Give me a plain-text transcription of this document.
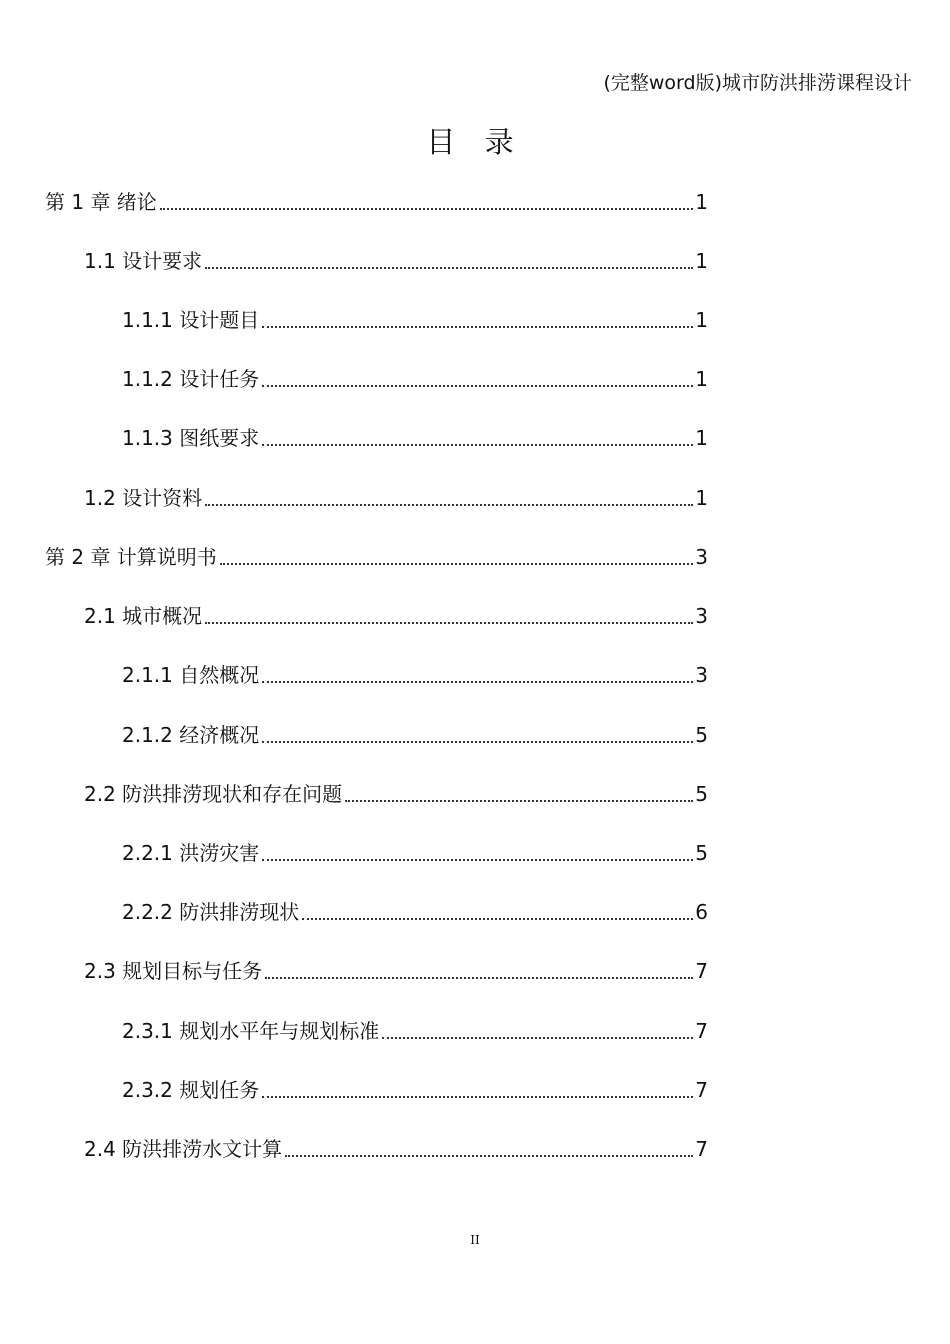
(完整word版)城市防洪排涝课程设计
目 录
第 1 章 绪论	1
1.1 设计要求	1
1.1.1 设计题目	1
1.1.2 设计任务	1
1.1.3 图纸要求	1
1.2 设计资料	1
第 2 章 计算说明书	3
2.1 城市概况	3
2.1.1 自然概况	3
2.1.2 经济概况	5
2.2 防洪排涝现状和存在问题	5
2.2.1 洪涝灾害	5
2.2.2 防洪排涝现状	6
2.3 规划目标与任务	7
2.3.1 规划水平年与规划标准	7
2.3.2 规划任务	7
2.4 防洪排涝水文计算	7
II
